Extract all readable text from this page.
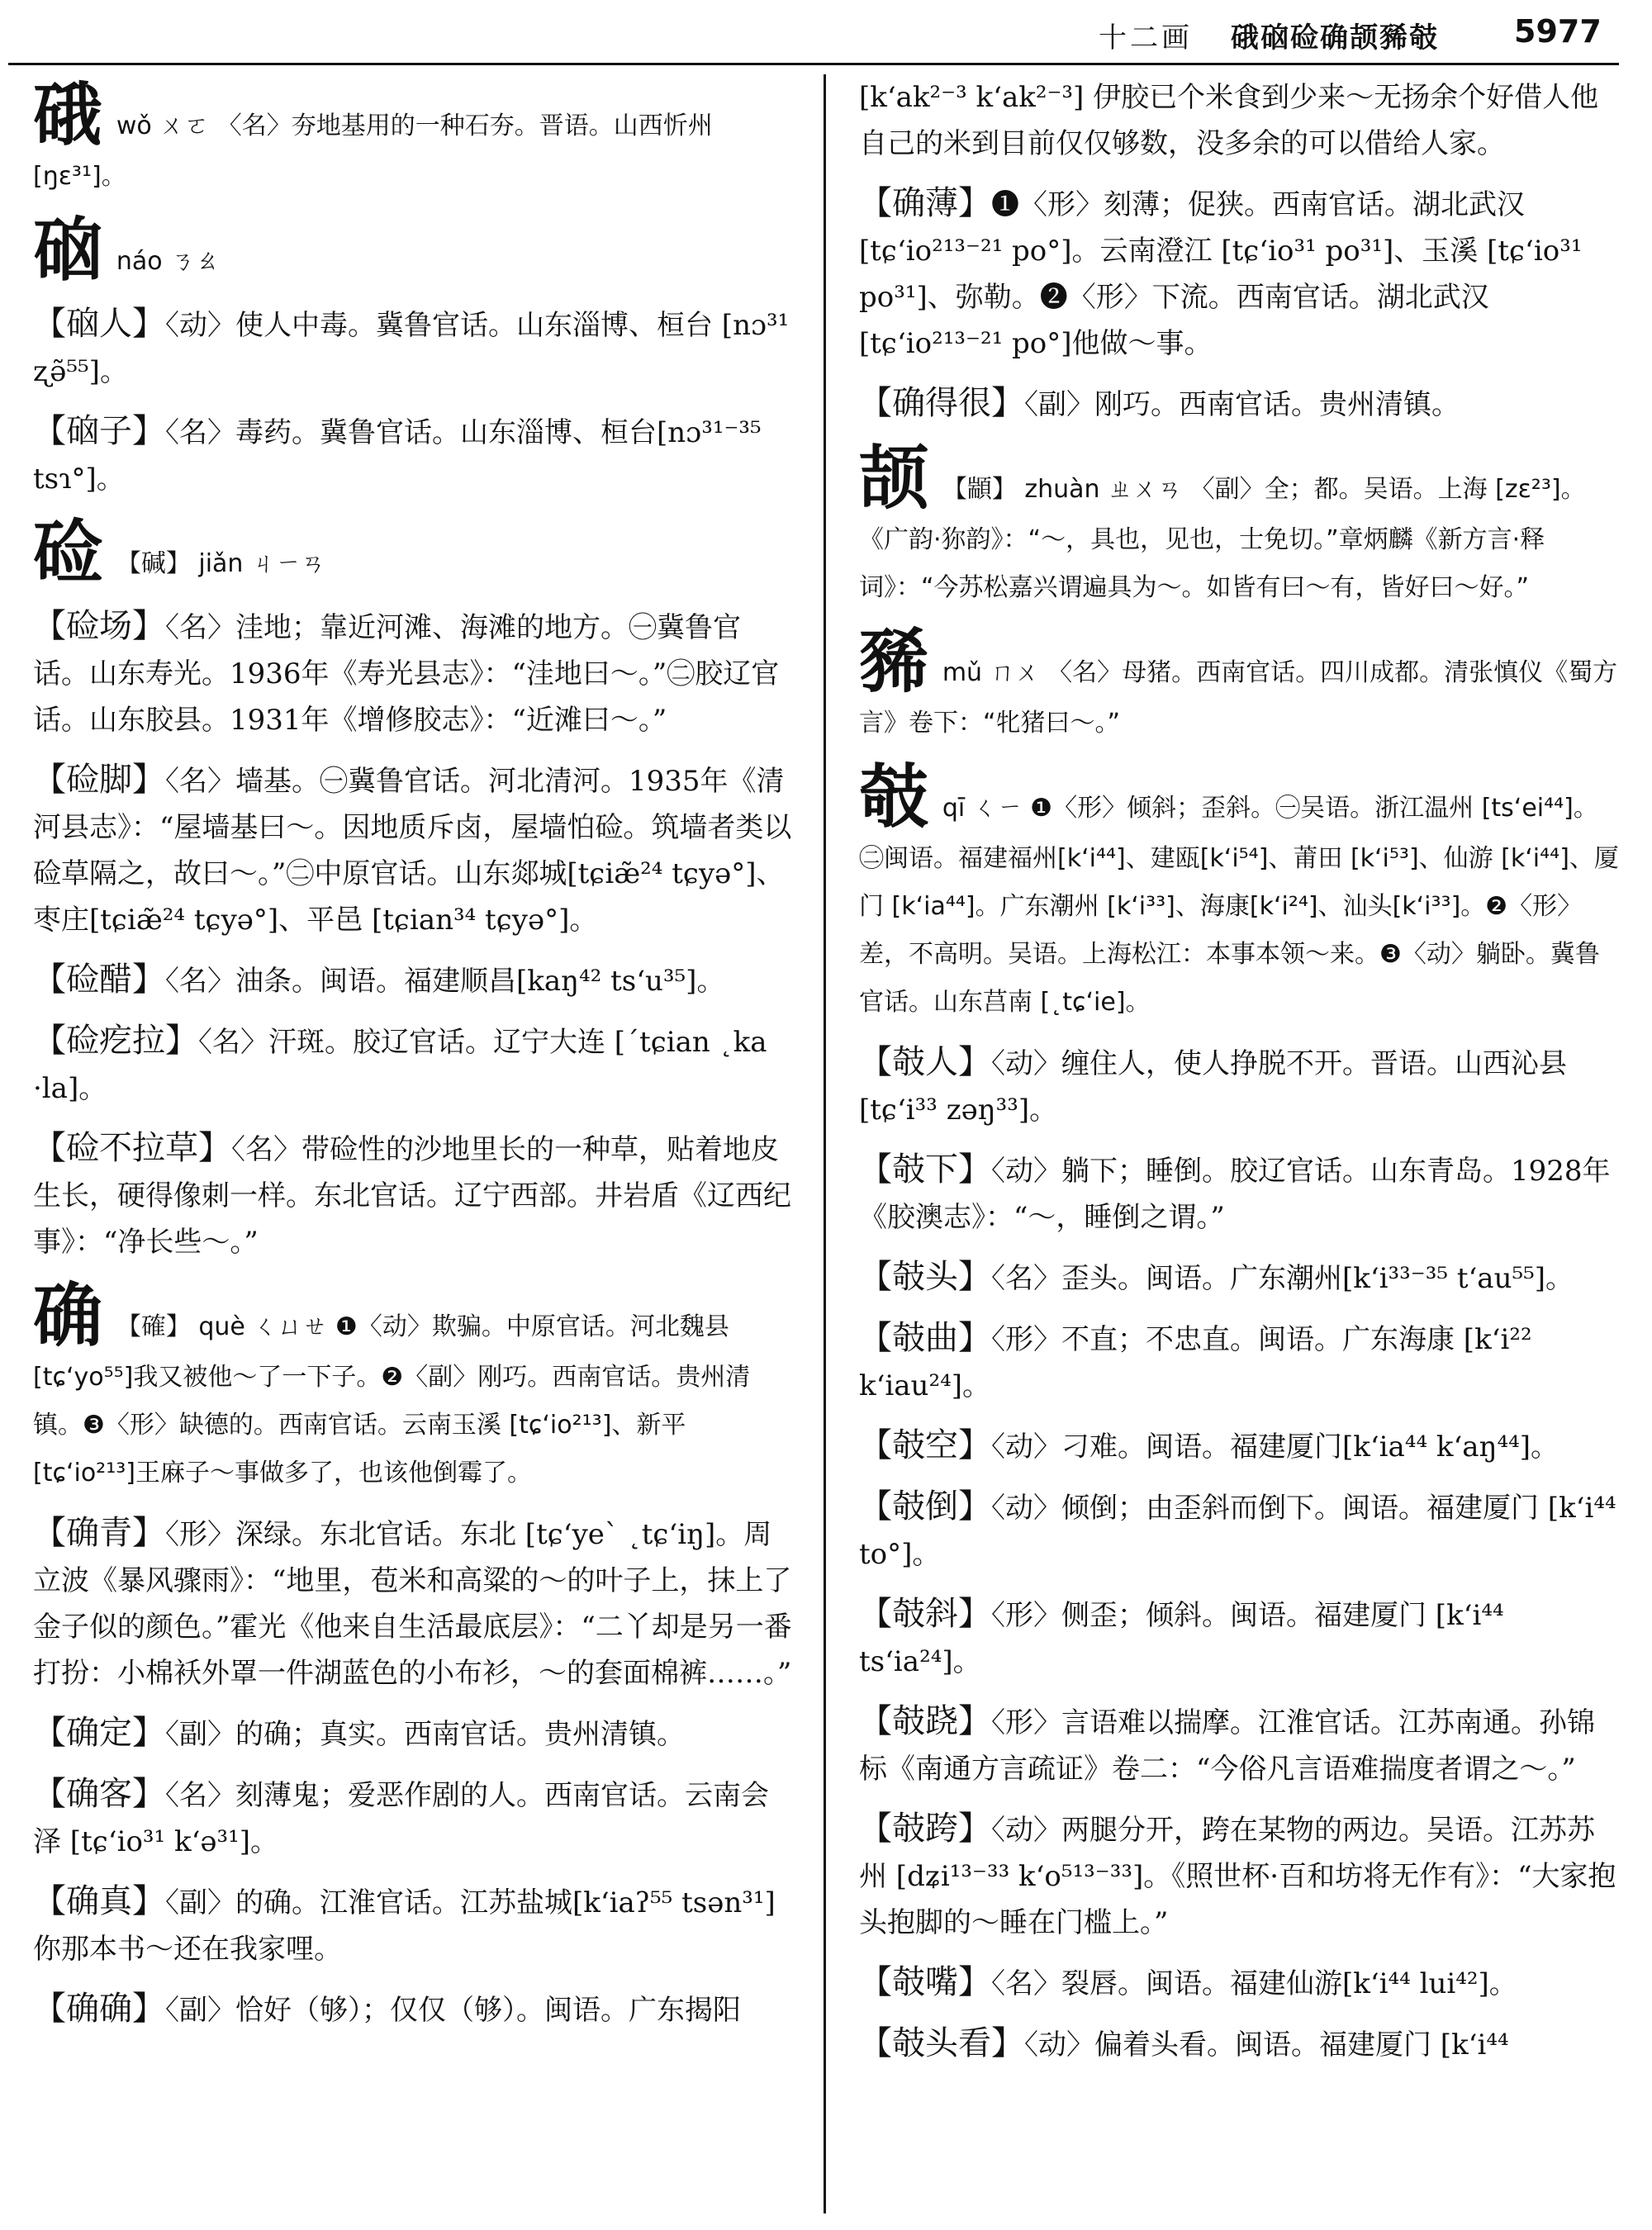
十二画 硪硇硷确颉豨攲 5977

硪 wǒ ㄨㄛ 〈名〉夯地基用的一种石夯。晋语。山西忻州 [ŋɛ³¹]。

硇 náo ㄋㄠ

【硇人】〈动〉使人中毒。冀鲁官话。山东淄博、桓台 [nɔ³¹ ʐə̃⁵⁵]。

【硇子】〈名〉毒药。冀鲁官话。山东淄博、桓台[nɔ³¹⁻³⁵ tsɿ°]。

硷 【碱】 jiǎn ㄐㄧㄢ

【硷场】〈名〉洼地；靠近河滩、海滩的地方。㊀冀鲁官话。山东寿光。1936年《寿光县志》：“洼地曰～。”㊁胶辽官话。山东胶县。1931年《增修胶志》：“近滩曰～。”

【硷脚】〈名〉墙基。㊀冀鲁官话。河北清河。1935年《清河县志》：“屋墙基曰～。因地质斥卤，屋墙怕硷。筑墙者类以硷草隔之，故曰～。”㊁中原官话。山东郯城[tɕiæ̃²⁴ tɕyə°]、枣庄[tɕiæ̃²⁴ tɕyə°]、平邑 [tɕian³⁴ tɕyə°]。

【硷醋】〈名〉油条。闽语。福建顺昌[kaŋ⁴² tsʻu³⁵]。

【硷疙拉】〈名〉汗斑。胶辽官话。辽宁大连 [ˊtɕian ˛ka ·la]。

【硷不拉草】〈名〉带硷性的沙地里长的一种草，贴着地皮生长，硬得像刺一样。东北官话。辽宁西部。井岩盾《辽西纪事》：“净长些～。”

确 【確】 què ㄑㄩㄝ ❶〈动〉欺骗。中原官话。河北魏县 [tɕʻyo⁵⁵]我又被他～了一下子。❷〈副〉刚巧。西南官话。贵州清镇。❸〈形〉缺德的。西南官话。云南玉溪 [tɕʻio²¹³]、新平 [tɕʻio²¹³]王麻子～事做多了，也该他倒霉了。

【确青】〈形〉深绿。东北官话。东北 [tɕʻyeˋ ˛tɕʻiŋ]。周立波《暴风骤雨》：“地里，苞米和高粱的～的叶子上，抹上了金子似的颜色。”霍光《他来自生活最底层》：“二丫却是另一番打扮：小棉袄外罩一件湖蓝色的小布衫，～的套面棉裤……。”

【确定】〈副〉的确；真实。西南官话。贵州清镇。

【确客】〈名〉刻薄鬼；爱恶作剧的人。西南官话。云南会泽 [tɕʻio³¹ kʻə³¹]。

【确真】〈副〉的确。江淮官话。江苏盐城[kʻiaʔ⁵⁵ tsən³¹] 你那本书～还在我家哩。

【确确】〈副〉恰好（够）；仅仅（够）。闽语。广东揭阳

[kʻak²⁻³ kʻak²⁻³] 伊胶已个米食到少来～无扬余个好借人他自己的米到目前仅仅够数，没多余的可以借给人家。

【确薄】❶〈形〉刻薄；促狭。西南官话。湖北武汉 [tɕʻio²¹³⁻²¹ po°]。云南澄江 [tɕʻio³¹ po³¹]、玉溪 [tɕʻio³¹ po³¹]、弥勒。❷〈形〉下流。西南官话。湖北武汉 [tɕʻio²¹³⁻²¹ po°]他做～事。

【确得很】〈副〉刚巧。西南官话。贵州清镇。

颉 【顓】 zhuàn ㄓㄨㄢ 〈副〉全；都。吴语。上海 [zɛ²³]。《广韵·狝韵》：“～，具也，见也，士免切。”章炳麟《新方言·释词》：“今苏松嘉兴谓遍具为～。如皆有曰～有，皆好曰～好。”

豨 mǔ ㄇㄨ 〈名〉母猪。西南官话。四川成都。清张慎仪《蜀方言》卷下：“牝猪曰～。”

攲 qī ㄑㄧ ❶〈形〉倾斜；歪斜。㊀吴语。浙江温州 [tsʻei⁴⁴]。㊁闽语。福建福州[kʻi⁴⁴]、建瓯[kʻi⁵⁴]、莆田 [kʻi⁵³]、仙游 [kʻi⁴⁴]、厦门 [kʻia⁴⁴]。广东潮州 [kʻi³³]、海康[kʻi²⁴]、汕头[kʻi³³]。❷〈形〉差，不高明。吴语。上海松江：本事本领～来。❸〈动〉躺卧。冀鲁官话。山东莒南 [˛tɕʻie]。

【攲人】〈动〉缠住人，使人挣脱不开。晋语。山西沁县 [tɕʻi³³ zəŋ³³]。

【攲下】〈动〉躺下；睡倒。胶辽官话。山东青岛。1928年《胶澳志》：“～，睡倒之谓。”

【攲头】〈名〉歪头。闽语。广东潮州[kʻi³³⁻³⁵ tʻau⁵⁵]。

【攲曲】〈形〉不直；不忠直。闽语。广东海康 [kʻi²² kʻiau²⁴]。

【攲空】〈动〉刁难。闽语。福建厦门[kʻia⁴⁴ kʻaŋ⁴⁴]。

【攲倒】〈动〉倾倒；由歪斜而倒下。闽语。福建厦门 [kʻi⁴⁴ to°]。

【攲斜】〈形〉侧歪；倾斜。闽语。福建厦门 [kʻi⁴⁴ tsʻia²⁴]。

【攲跷】〈形〉言语难以揣摩。江淮官话。江苏南通。孙锦标《南通方言疏证》卷二：“今俗凡言语难揣度者谓之～。”

【攲跨】〈动〉两腿分开，跨在某物的两边。吴语。江苏苏州 [dʑi¹³⁻³³ kʻo⁵¹³⁻³³]。《照世杯·百和坊将无作有》：“大家抱头抱脚的～睡在门槛上。”

【攲嘴】〈名〉裂唇。闽语。福建仙游[kʻi⁴⁴ lui⁴²]。

【攲头看】〈动〉偏着头看。闽语。福建厦门 [kʻi⁴⁴
